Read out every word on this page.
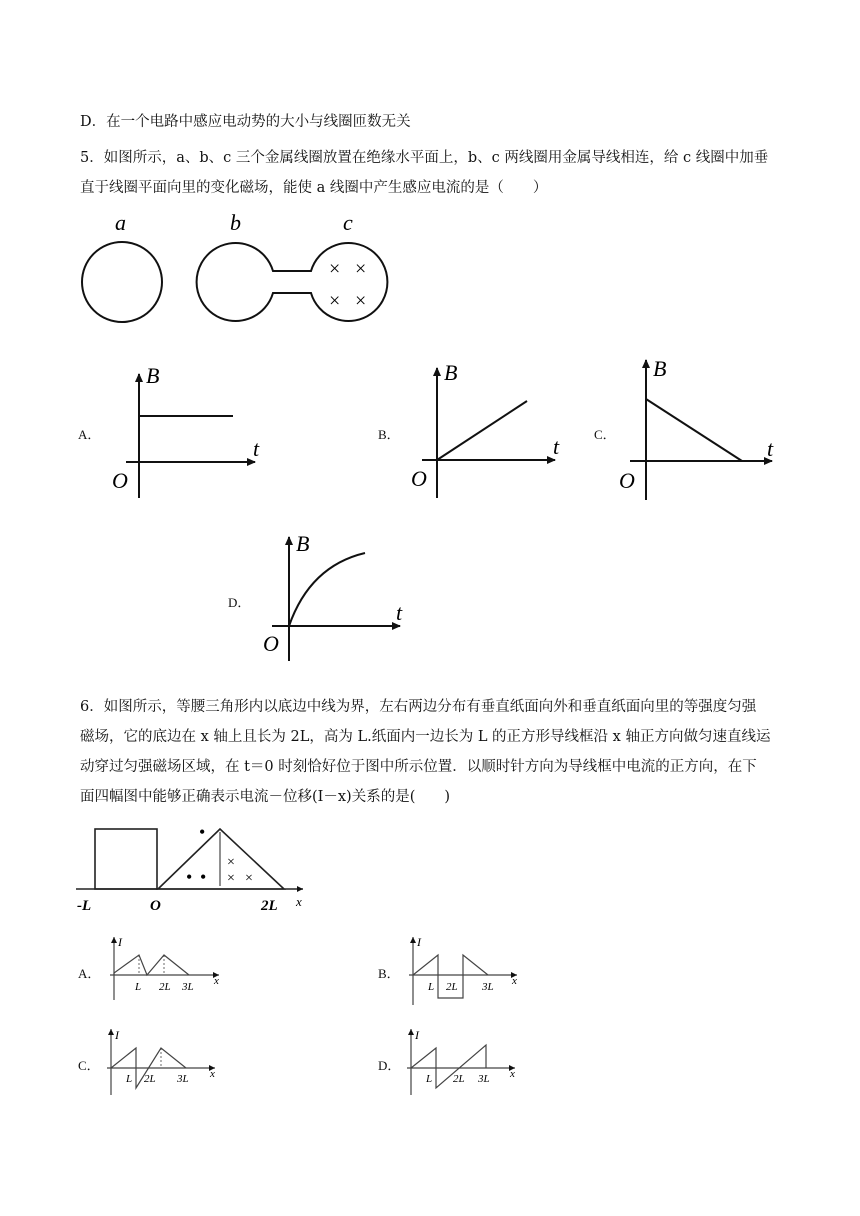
D．在一个电路中感应电动势的大小与线圈匝数无关
5．如图所示，a、b、c 三个金属线圈放置在绝缘水平面上，b、c 两线圈用金属导线相连，给 c 线圈中加垂
直于线圈平面向里的变化磁场，能使 a 线圈中产生感应电流的是（　　）
a	b	c
× ×
× ×
A．	B．	C．
D．
B
t
O
B
t
O
B
t
O
B
t
O
6．如图所示，等腰三角形内以底边中线为界，左右两边分布有垂直纸面向外和垂直纸面向里的等强度匀强
磁场，它的底边在 x 轴上且长为 2L，高为 L.纸面内一边长为 L 的正方形导线框沿 x 轴正方向做匀速直线运
动穿过匀强磁场区域，在 t＝0 时刻恰好位于图中所示位置．以顺时针方向为导线框中电流的正方向，在下
面四幅图中能够正确表示电流－位移(I－x)关系的是(　　)
•
• •
×
× ×
-L	O	2L x
A．	B．
C．	D．
I
x
L 2L 3L
I
x
L 2L 3L
I
x
L 2L 3L
I
x
L 2L 3L
